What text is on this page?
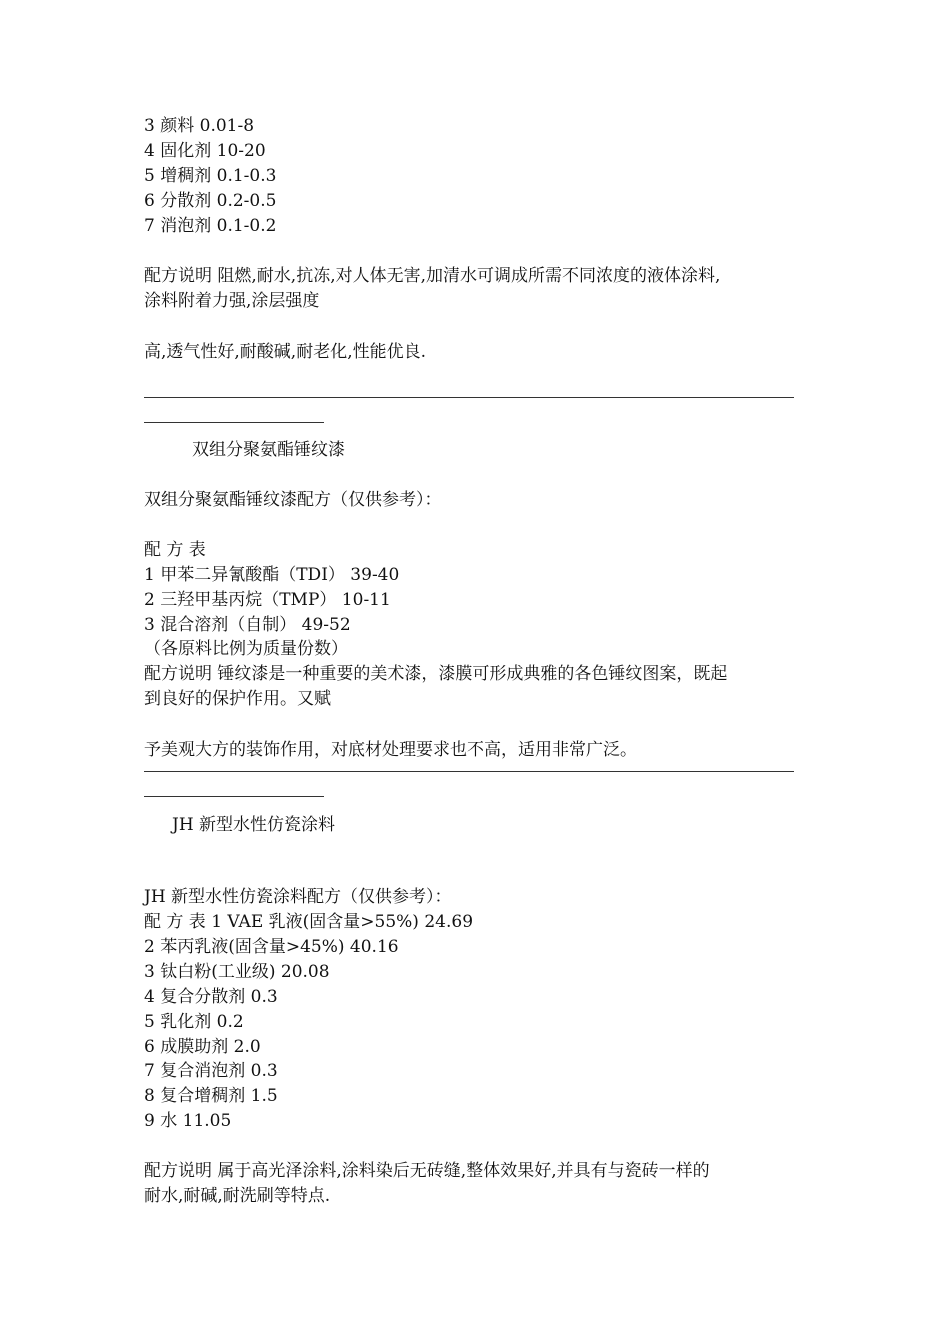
3 颜料 0.01-8
4 固化剂 10-20
5 增稠剂 0.1-0.3
6 分散剂 0.2-0.5
7 消泡剂 0.1-0.2
配方说明 阻燃,耐水,抗冻,对人体无害,加清水可调成所需不同浓度的液体涂料,
涂料附着力强,涂层强度
高,透气性好,耐酸碱,耐老化,性能优良.
双组分聚氨酯锤纹漆
双组分聚氨酯锤纹漆配方（仅供参考）：
配 方 表
1 甲苯二异氰酸酯（TDI） 39-40
2 三羟甲基丙烷（TMP） 10-11
3 混合溶剂（自制） 49-52
（各原料比例为质量份数）
配方说明 锤纹漆是一种重要的美术漆，漆膜可形成典雅的各色锤纹图案，既起
到良好的保护作用。又赋
予美观大方的装饰作用，对底材处理要求也不高，适用非常广泛。
JH 新型水性仿瓷涂料
JH 新型水性仿瓷涂料配方（仅供参考）：
配 方 表 1 VAE 乳液(固含量>55%) 24.69
2 苯丙乳液(固含量>45%) 40.16
3 钛白粉(工业级) 20.08
4 复合分散剂 0.3
5 乳化剂 0.2
6 成膜助剂 2.0
7 复合消泡剂 0.3
8 复合增稠剂 1.5
9 水 11.05
配方说明 属于高光泽涂料,涂料染后无砖缝,整体效果好,并具有与瓷砖一样的
耐水,耐碱,耐洗刷等特点.
